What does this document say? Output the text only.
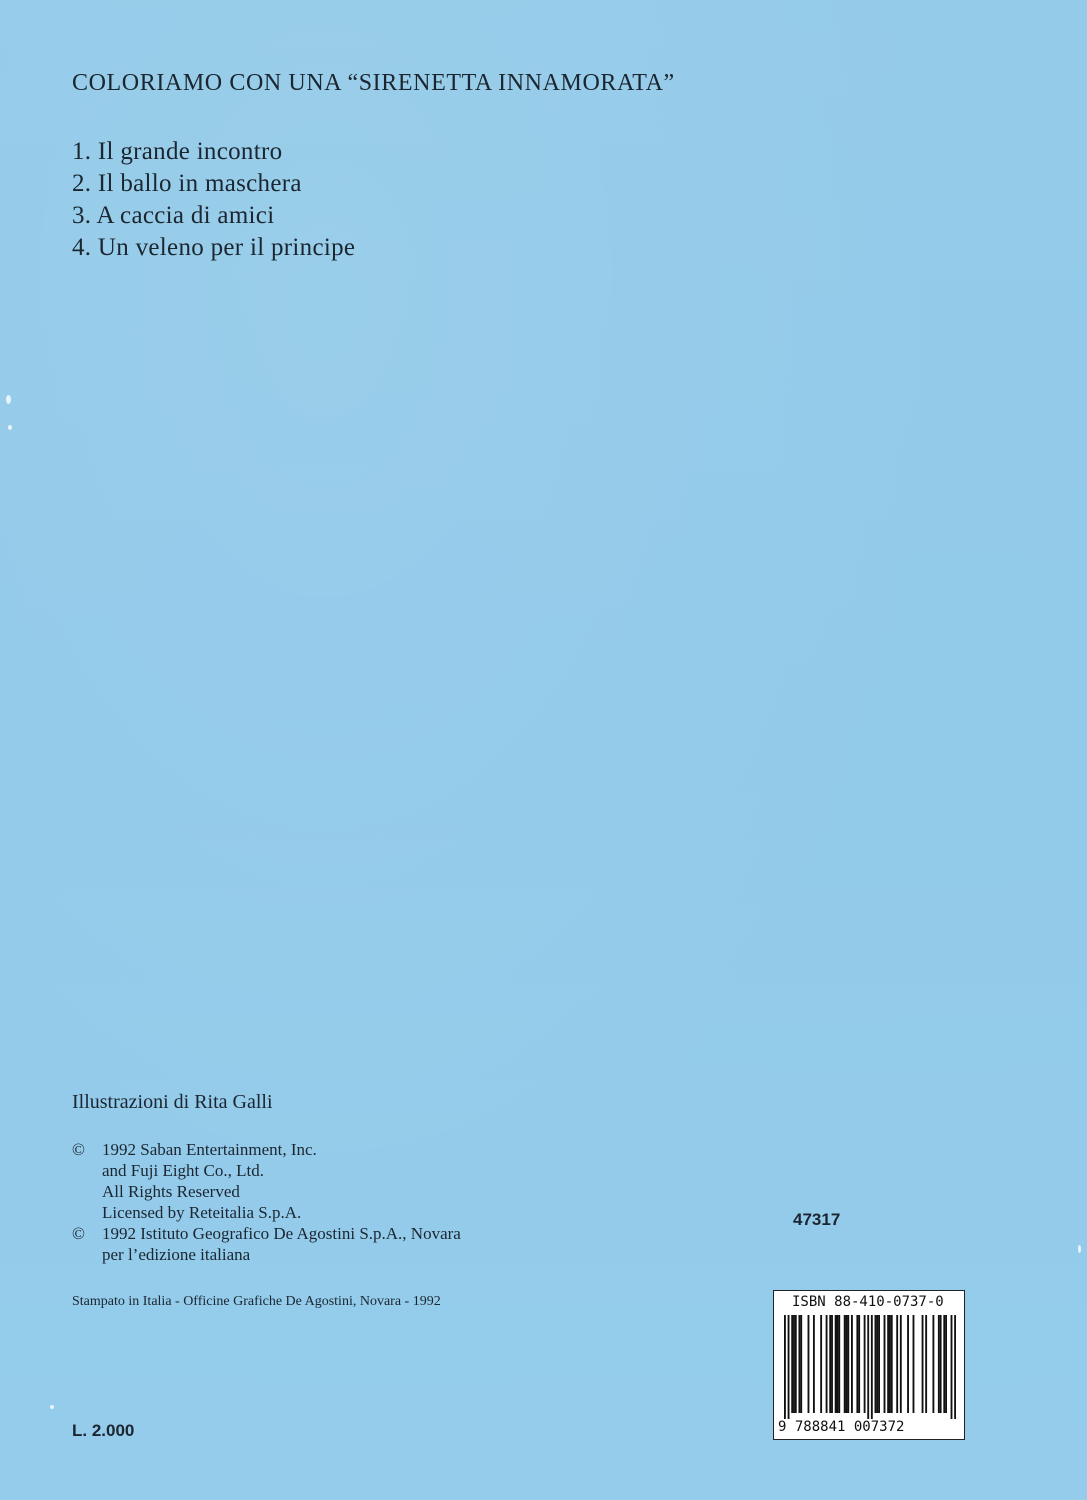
COLORIAMO CON UNA “SIRENETTA INNAMORATA”
1. Il grande incontro
2. Il ballo in maschera
3. A caccia di amici
4. Un veleno per il principe
Illustrazioni di Rita Galli
©	1992 Saban Entertainment, Inc.
and Fuji Eight Co., Ltd.
All Rights Reserved
Licensed by Reteitalia S.p.A.
©	1992 Istituto Geografico De Agostini S.p.A., Novara
per l’edizione italiana
Stampato in Italia - Officine Grafiche De Agostini, Novara - 1992
47317
L. 2.000
ISBN 88-410-0737-0
9 788841 007372
